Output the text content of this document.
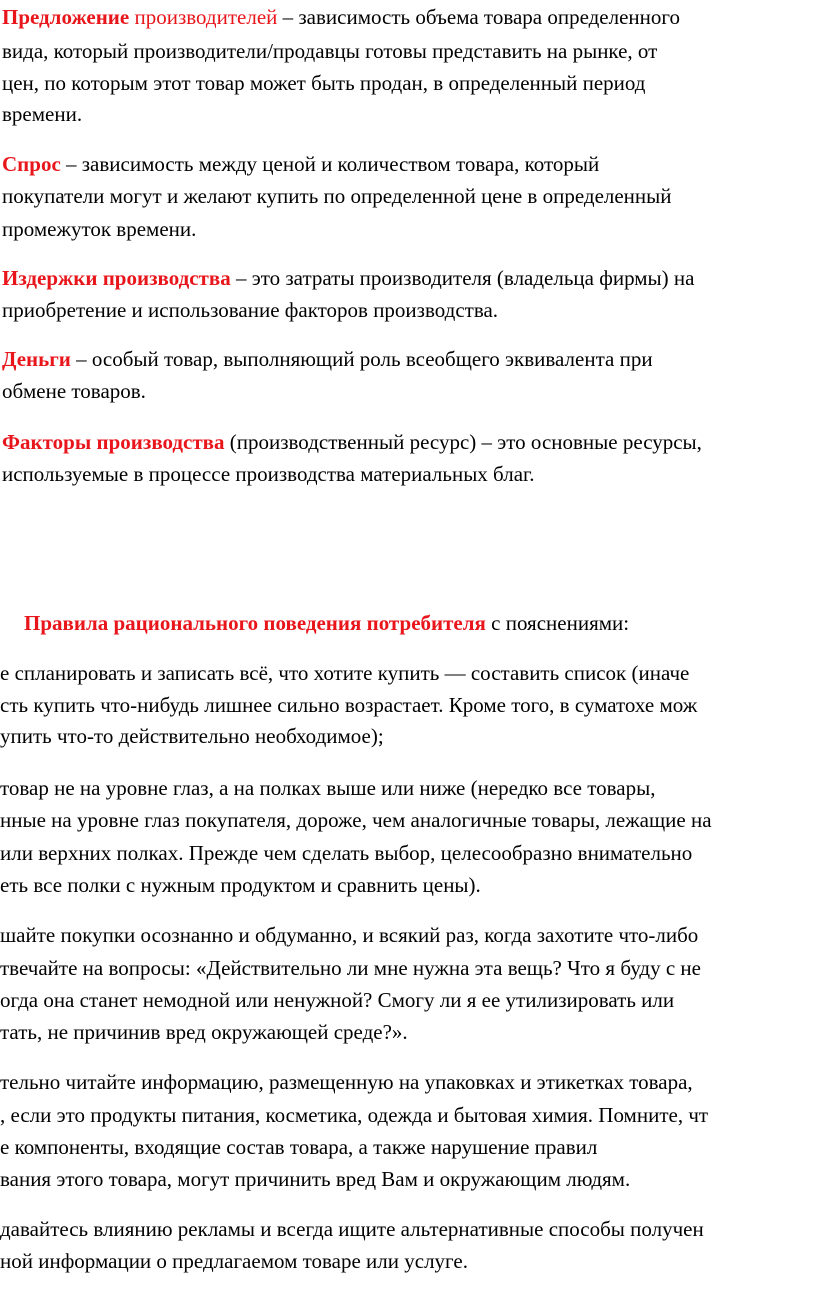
Предложение производителей – зависимость объема товара определенного
вида, который производители/продавцы готовы представить на рынке, от
цен, по которым этот товар может быть продан, в определенный период
времени.
Спрос – зависимость между ценой и количеством товара, который
покупатели могут и желают купить по определенной цене в определенный
промежуток времени.
Издержки производства – это затраты производителя (владельца фирмы) на
приобретение и использование факторов производства.
Деньги – особый товар, выполняющий роль всеобщего эквивалента при
обмене товаров.
Факторы производства (производственный ресурс) – это основные ресурсы,
используемые в процессе производства материальных благ.
Правила рационального поведения потребителя с пояснениями:
е спланировать и записать всё, что хотите купить — составить список (иначе
сть купить что-нибудь лишнее сильно возрастает. Кроме того, в суматохе мож
упить что-то действительно необходимое);
товар не на уровне глаз, а на полках выше или ниже (нередко все товары,
нные на уровне глаз покупателя, дороже, чем аналогичные товары, лежащие на
или верхних полках. Прежде чем сделать выбор, целесообразно внимательно
еть все полки с нужным продуктом и сравнить цены).
шайте покупки осознанно и обдуманно, и всякий раз, когда захотите что-либо
твечайте на вопросы: «Действительно ли мне нужна эта вещь? Что я буду с не
огда она станет немодной или ненужной? Смогу ли я ее утилизировать или
тать, не причинив вред окружающей среде?».
тельно читайте информацию, размещенную на упаковках и этикетках товара,
, если это продукты питания, косметика, одежда и бытовая химия. Помните, чт
е компоненты, входящие состав товара, а также нарушение правил
вания этого товара, могут причинить вред Вам и окружающим людям.
давайтесь влиянию рекламы и всегда ищите альтернативные способы получен
ной информации о предлагаемом товаре или услуге.
